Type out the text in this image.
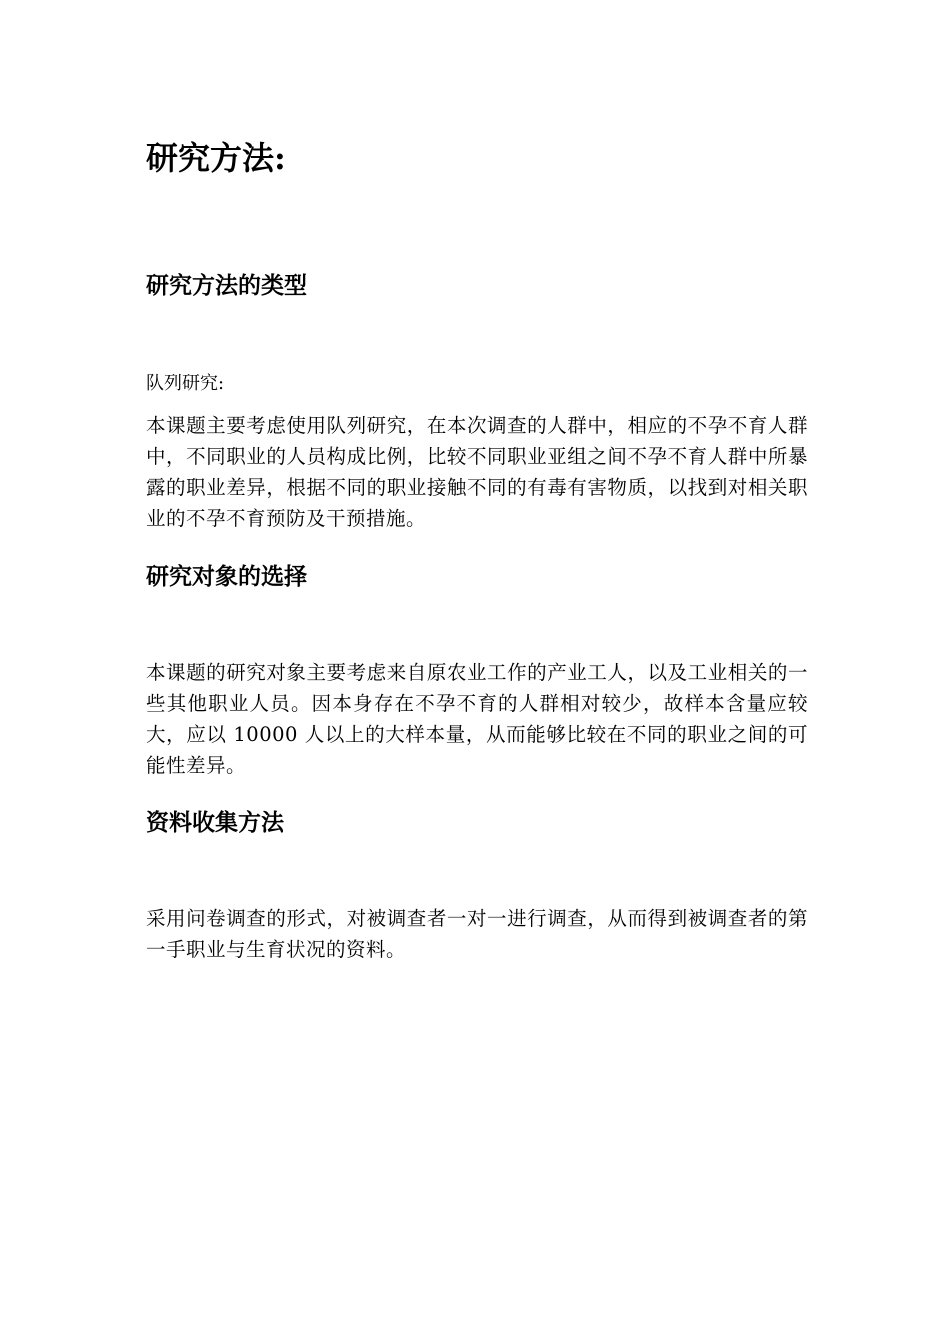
研究方法:
研究方法的类型

队列研究:

本课题主要考虑使用队列研究，在本次调查的人群中，相应的不孕不育人群中，不同职业的人员构成比例，比较不同职业亚组之间不孕不育人群中所暴露的职业差异，根据不同的职业接触不同的有毒有害物质，以找到对相关职业的不孕不育预防及干预措施。

研究对象的选择

本课题的研究对象主要考虑来自原农业工作的产业工人，以及工业相关的一些其他职业人员。因本身存在不孕不育的人群相对较少，故样本含量应较大，应以 10000 人以上的大样本量，从而能够比较在不同的职业之间的可能性差异。

资料收集方法

采用问卷调查的形式，对被调查者一对一进行调查，从而得到被调查者的第一手职业与生育状况的资料。
